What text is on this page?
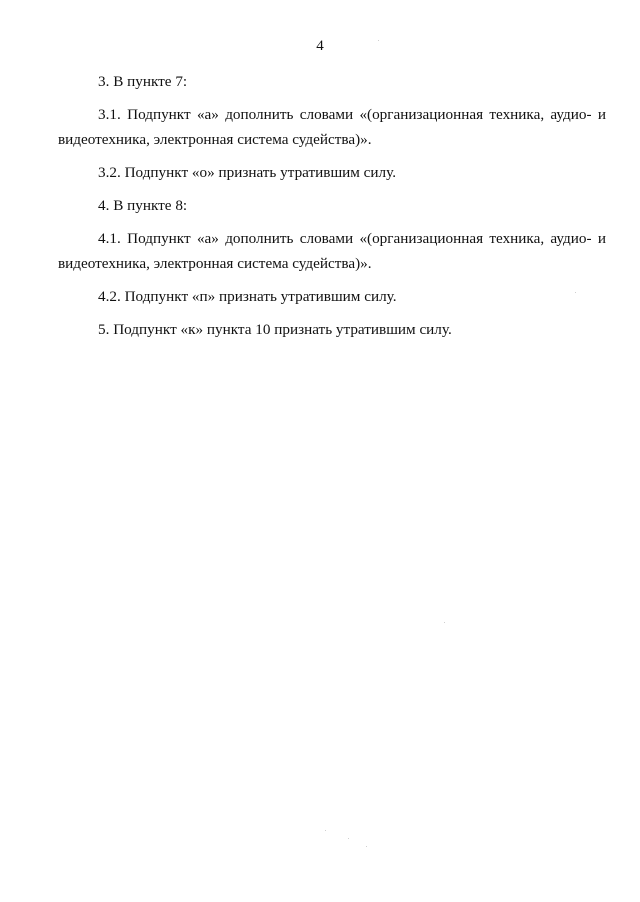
4

3. В пункте 7:

3.1. Подпункт «а» дополнить словами «(организационная техника, аудио- и видеотехника, электронная система судейства)».

3.2. Подпункт «о» признать утратившим силу.

4. В пункте 8:

4.1. Подпункт «а» дополнить словами «(организационная техника, аудио- и видеотехника, электронная система судейства)».

4.2. Подпункт «п» признать утратившим силу.

5. Подпункт «к» пункта 10 признать утратившим силу.
